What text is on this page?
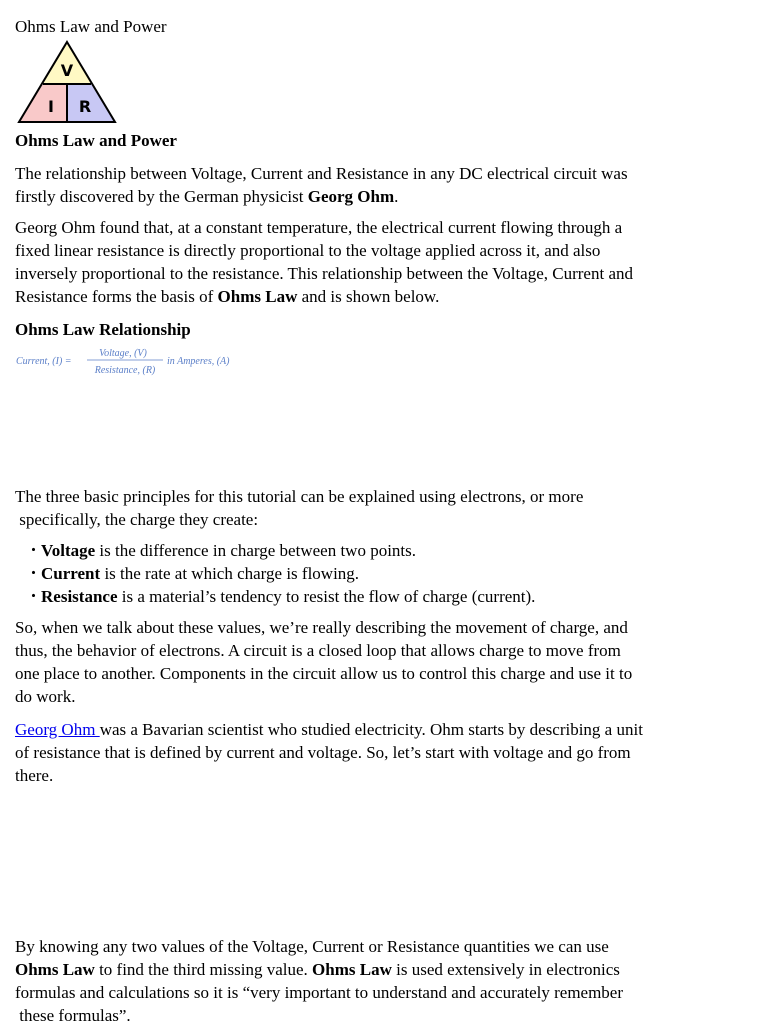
Ohms Law and Power
V
I R
Ohms Law and Power

The relationship between Voltage, Current and Resistance in any DC electrical circuit was
firstly discovered by the German physicist Georg Ohm.

Georg Ohm found that, at a constant temperature, the electrical current flowing through a
fixed linear resistance is directly proportional to the voltage applied across it, and also
inversely proportional to the resistance. This relationship between the Voltage, Current and
Resistance forms the basis of Ohms Law and is shown below.

Ohms Law Relationship
Current, (I) =
Voltage, (V)
Resistance, (R)
in Amperes, (A)

The three basic principles for this tutorial can be explained using electrons, or more
specifically, the charge they create:

・Voltage is the difference in charge between two points.
・Current is the rate at which charge is flowing.
・Resistance is a material’s tendency to resist the flow of charge (current).

So, when we talk about these values, we’re really describing the movement of charge, and
thus, the behavior of electrons. A circuit is a closed loop that allows charge to move from
one place to another. Components in the circuit allow us to control this charge and use it to
do work.

Georg Ohm was a Bavarian scientist who studied electricity. Ohm starts by describing a unit
of resistance that is defined by current and voltage. So, let’s start with voltage and go from
there.

By knowing any two values of the Voltage, Current or Resistance quantities we can use
Ohms Law to find the third missing value. Ohms Law is used extensively in electronics
formulas and calculations so it is “very important to understand and accurately remember
these formulas”.
